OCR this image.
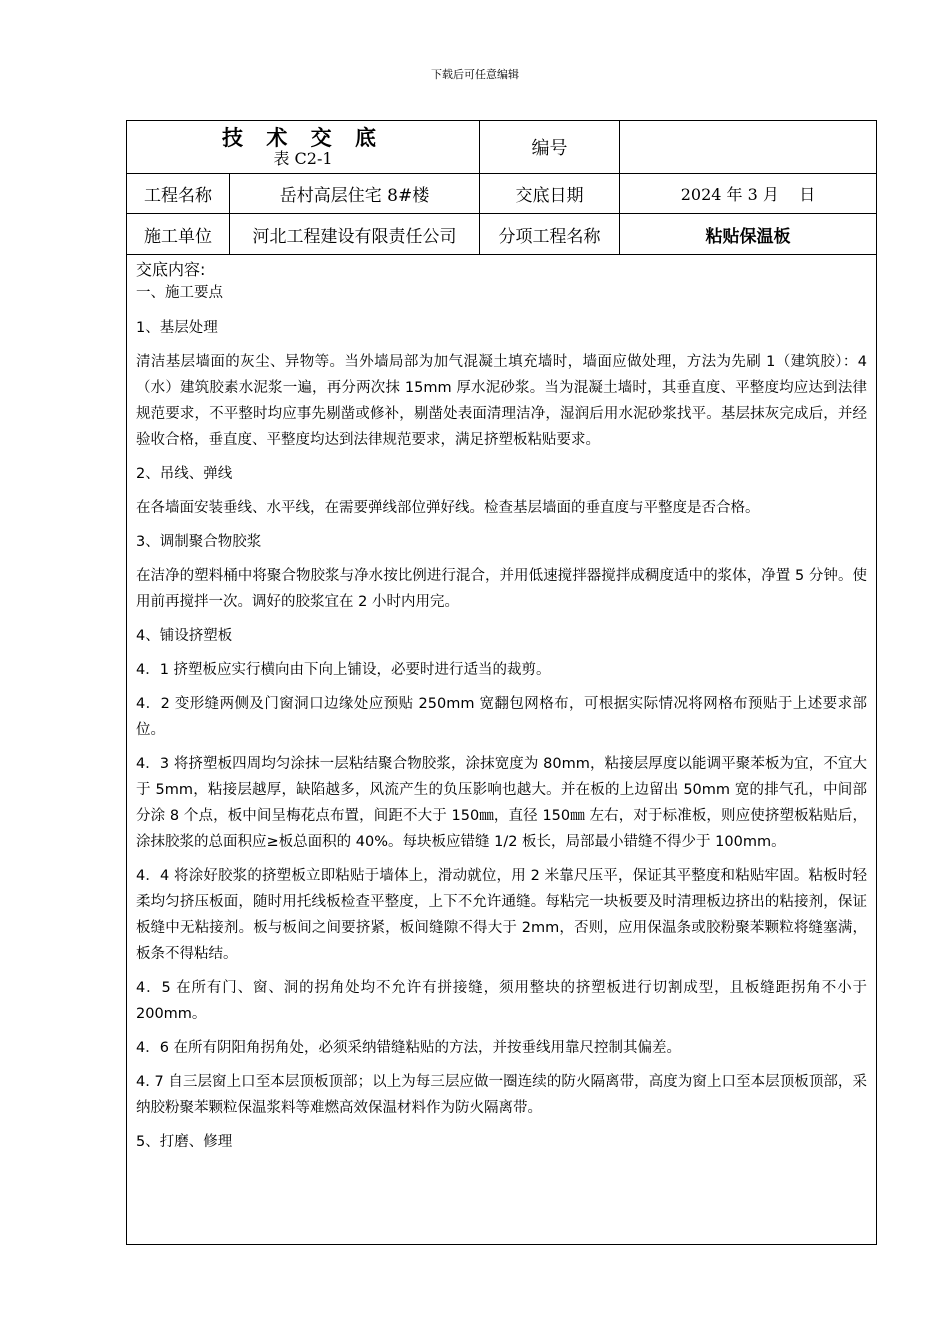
下载后可任意编辑
技 术 交 底
表 C2-1	编号
工程名称	岳村高层住宅 8#楼	交底日期	2024 年 3 月    日
施工单位	河北工程建设有限责任公司	分项工程名称	粘贴保温板
交底内容:

一、施工要点

1、基层处理

清洁基层墙面的灰尘、异物等。当外墙局部为加气混凝土填充墙时，墙面应做处理，方法为先刷 1（建筑胶）：4（水）建筑胶素水泥浆一遍，再分两次抹 15mm 厚水泥砂浆。当为混凝土墙时，其垂直度、平整度均应达到法律规范要求，不平整时均应事先剔凿或修补，剔凿处表面清理洁净，湿润后用水泥砂浆找平。基层抹灰完成后，并经验收合格，垂直度、平整度均达到法律规范要求，满足挤塑板粘贴要求。

2、吊线、弹线

在各墙面安装垂线、水平线，在需要弹线部位弹好线。检查基层墙面的垂直度与平整度是否合格。

3、调制聚合物胶浆

在洁净的塑料桶中将聚合物胶浆与净水按比例进行混合，并用低速搅拌器搅拌成稠度适中的浆体，净置 5 分钟。使用前再搅拌一次。调好的胶浆宜在 2 小时内用完。

4、铺设挤塑板

4．1 挤塑板应实行横向由下向上铺设，必要时进行适当的裁剪。

4．2 变形缝两侧及门窗洞口边缘处应预贴 250mm 宽翻包网格布，可根据实际情况将网格布预贴于上述要求部位。

4．3 将挤塑板四周均匀涂抹一层粘结聚合物胶浆，涂抹宽度为 80mm，粘接层厚度以能调平聚苯板为宜，不宜大于 5mm，粘接层越厚，缺陷越多，风流产生的负压影响也越大。并在板的上边留出 50mm 宽的排气孔，中间部分涂 8 个点，板中间呈梅花点布置，间距不大于 150㎜，直径 150㎜ 左右，对于标准板，则应使挤塑板粘贴后，涂抹胶浆的总面积应≥板总面积的 40%。每块板应错缝 1/2 板长，局部最小错缝不得少于 100mm。

4．4 将涂好胶浆的挤塑板立即粘贴于墙体上，滑动就位，用 2 米靠尺压平，保证其平整度和粘贴牢固。粘板时轻柔均匀挤压板面，随时用托线板检查平整度，上下不允许通缝。每粘完一块板要及时清理板边挤出的粘接剂，保证板缝中无粘接剂。板与板间之间要挤紧，板间缝隙不得大于 2mm，否则，应用保温条或胶粉聚苯颗粒将缝塞满，板条不得粘结。

4．5 在所有门、窗、洞的拐角处均不允许有拼接缝，须用整块的挤塑板进行切割成型，且板缝距拐角不小于 200mm。

4．6 在所有阴阳角拐角处，必须采纳错缝粘贴的方法，并按垂线用靠尺控制其偏差。

4. 7 自三层窗上口至本层顶板顶部；以上为每三层应做一圈连续的防火隔离带，高度为窗上口至本层顶板顶部，采纳胶粉聚苯颗粒保温浆料等难燃高效保温材料作为防火隔离带。

5、打磨、修理
